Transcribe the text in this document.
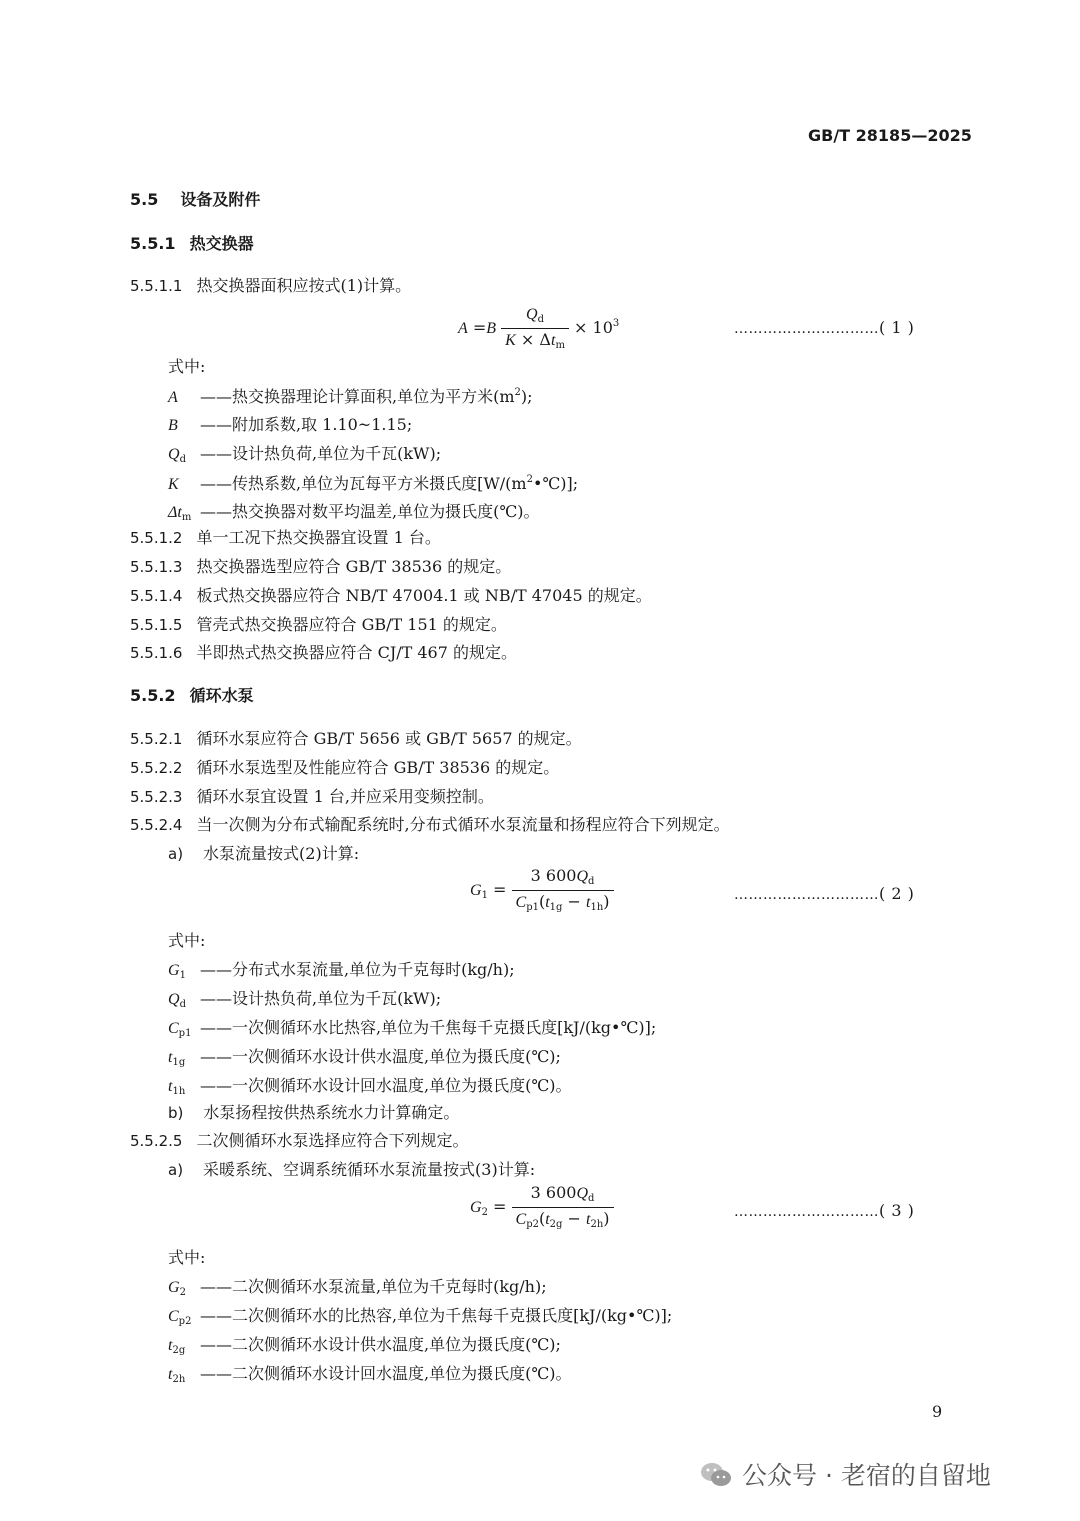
GB/T 28185—2025
5.5 设备及附件
5.5.1 热交换器
5.5.1.1 热交换器面积应按式(1)计算。
$A =B \frac{Q_d}{K \times \Delta t_m} \times 10^3$	…………………………( 1 )
式中:
A ——热交换器理论计算面积,单位为平方米$(m^2)$;
B ——附加系数,取 1.10~1.15;
$Q_d$ ——设计热负荷,单位为千瓦(kW);
K ——传热系数,单位为瓦每平方米摄氏度$[W/(m^2•℃)]$;
$\Delta t_m$ ——热交换器对数平均温差,单位为摄氏度(℃)。
5.5.1.2 单一工况下热交换器宜设置 1 台。
5.5.1.3 热交换器选型应符合 GB/T 38536 的规定。
5.5.1.4 板式热交换器应符合 NB/T 47004.1 或 NB/T 47045 的规定。
5.5.1.5 管壳式热交换器应符合 GB/T 151 的规定。
5.5.1.6 半即热式热交换器应符合 CJ/T 467 的规定。
5.5.2 循环水泵
5.5.2.1 循环水泵应符合 GB/T 5656 或 GB/T 5657 的规定。
5.5.2.2 循环水泵选型及性能应符合 GB/T 38536 的规定。
5.5.2.3 循环水泵宜设置 1 台,并应采用变频控制。
5.5.2.4 当一次侧为分布式输配系统时,分布式循环水泵流量和扬程应符合下列规定。
a) 水泵流量按式(2)计算:
$G_1 = \frac{3 600Q_d}{C_{p1}(t_{1g} - t_{1h})}$	…………………………( 2 )
式中:
$G_1$ ——分布式水泵流量,单位为千克每时(kg/h);
$Q_d$ ——设计热负荷,单位为千瓦(kW);
$C_{p1}$ ——一次侧循环水比热容,单位为千焦每千克摄氏度[kJ/(kg•℃)];
$t_{1g}$ ——一次侧循环水设计供水温度,单位为摄氏度(℃);
$t_{1h}$ ——一次侧循环水设计回水温度,单位为摄氏度(℃)。
b) 水泵扬程按供热系统水力计算确定。
5.5.2.5 二次侧循环水泵选择应符合下列规定。
a) 采暖系统、空调系统循环水泵流量按式(3)计算:
$G_2 = \frac{3 600Q_d}{C_{p2}(t_{2g} - t_{2h})}$	…………………………( 3 )
式中:
$G_2$ ——二次侧循环水泵流量,单位为千克每时(kg/h);
$C_{p2}$ ——二次侧循环水的比热容,单位为千焦每千克摄氏度[kJ/(kg•℃)];
$t_{2g}$ ——二次侧循环水设计供水温度,单位为摄氏度(℃);
$t_{2h}$ ——二次侧循环水设计回水温度,单位为摄氏度(℃)。
9
公众号 · 老宿的自留地
